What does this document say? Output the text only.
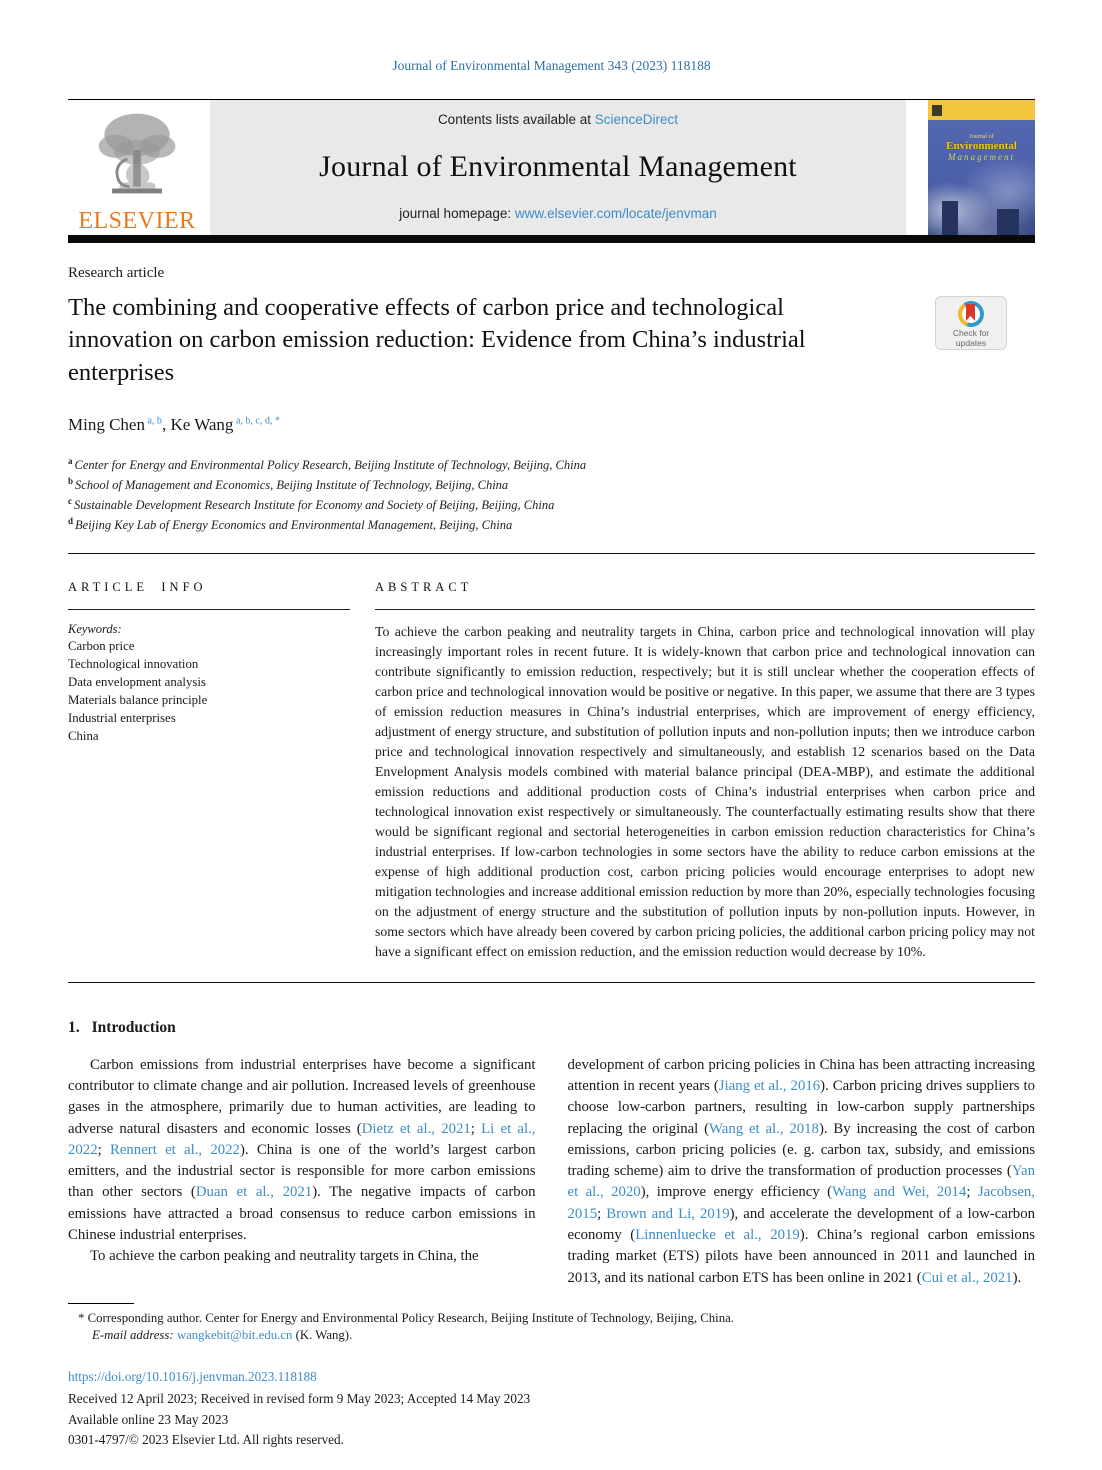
Journal of Environmental Management 343 (2023) 118188
ELSEVIER
Contents lists available at ScienceDirect
Journal of Environmental Management
journal homepage: www.elsevier.com/locate/jenvman
Journal of
Environmental
Management
Research article
The combining and cooperative effects of carbon price and technological innovation on carbon emission reduction: Evidence from China’s industrial enterprises
Check for
updates
Ming Chen $^{a, b}$, Ke Wang $^{a, b, c, d, *}$
$^a$ Center for Energy and Environmental Policy Research, Beijing Institute of Technology, Beijing, China
$^b$ School of Management and Economics, Beijing Institute of Technology, Beijing, China
$^c$ Sustainable Development Research Institute for Economy and Society of Beijing, Beijing, China
$^d$ Beijing Key Lab of Energy Economics and Environmental Management, Beijing, China
ARTICLE INFO
Keywords:
Carbon price
Technological innovation
Data envelopment analysis
Materials balance principle
Industrial enterprises
China
ABSTRACT

To achieve the carbon peaking and neutrality targets in China, carbon price and technological innovation will play increasingly important roles in recent future. It is widely-known that carbon price and technological innovation can contribute significantly to emission reduction, respectively; but it is still unclear whether the cooperation effects of carbon price and technological innovation would be positive or negative. In this paper, we assume that there are 3 types of emission reduction measures in China’s industrial enterprises, which are improvement of energy efficiency, adjustment of energy structure, and substitution of pollution inputs and non-pollution inputs; then we introduce carbon price and technological innovation respectively and simultaneously, and establish 12 scenarios based on the Data Envelopment Analysis models combined with material balance principal (DEA-MBP), and estimate the additional emission reductions and additional production costs of China’s industrial enterprises when carbon price and technological innovation exist respectively or simultaneously. The counterfactually estimating results show that there would be significant regional and sectorial heterogeneities in carbon emission reduction characteristics for China’s industrial enterprises. If low-carbon technologies in some sectors have the ability to reduce carbon emissions at the expense of high additional production cost, carbon pricing policies would encourage enterprises to adopt new mitigation technologies and increase additional emission reduction by more than 20%, especially technologies focusing on the adjustment of energy structure and the substitution of pollution inputs by non-pollution inputs. However, in some sectors which have already been covered by carbon pricing policies, the additional carbon pricing policy may not have a significant effect on emission reduction, and the emission reduction would decrease by 10%.

1. Introduction

Carbon emissions from industrial enterprises have become a significant contributor to climate change and air pollution. Increased levels of greenhouse gases in the atmosphere, primarily due to human activities, are leading to adverse natural disasters and economic losses (Dietz et al., 2021; Li et al., 2022; Rennert et al., 2022). China is one of the world’s largest carbon emitters, and the industrial sector is responsible for more carbon emissions than other sectors (Duan et al., 2021). The negative impacts of carbon emissions have attracted a broad consensus to reduce carbon emissions in Chinese industrial enterprises.

To achieve the carbon peaking and neutrality targets in China, the

development of carbon pricing policies in China has been attracting increasing attention in recent years (Jiang et al., 2016). Carbon pricing drives suppliers to choose low-carbon partners, resulting in low-carbon supply partnerships replacing the original (Wang et al., 2018). By increasing the cost of carbon emissions, carbon pricing policies (e. g. carbon tax, subsidy, and emissions trading scheme) aim to drive the transformation of production processes (Yan et al., 2020), improve energy efficiency (Wang and Wei, 2014; Jacobsen, 2015; Brown and Li, 2019), and accelerate the development of a low-carbon economy (Linnenluecke et al., 2019). China’s regional carbon emissions trading market (ETS) pilots have been announced in 2011 and launched in 2013, and its national carbon ETS has been online in 2021 (Cui et al., 2021).

* Corresponding author. Center for Energy and Environmental Policy Research, Beijing Institute of Technology, Beijing, China.
E-mail address: wangkebit@bit.edu.cn (K. Wang).
https://doi.org/10.1016/j.jenvman.2023.118188
Received 12 April 2023; Received in revised form 9 May 2023; Accepted 14 May 2023
Available online 23 May 2023
0301-4797/© 2023 Elsevier Ltd. All rights reserved.
